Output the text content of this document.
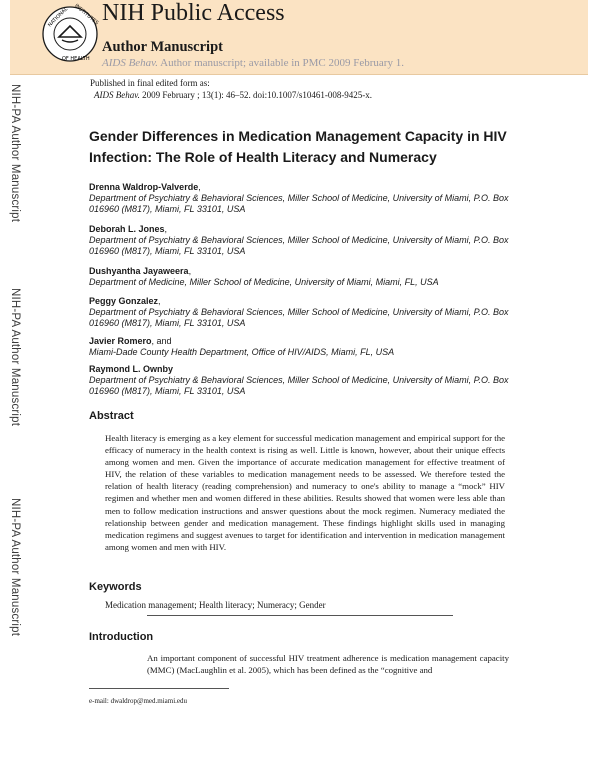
NATIONAL INSTITUTES
OF HEALTH
NIH Public Access
Author Manuscript
AIDS Behav. Author manuscript; available in PMC 2009 February 1.
Published in final edited form as:
AIDS Behav. 2009 February ; 13(1): 46–52. doi:10.1007/s10461-008-9425-x.
NIH-PA Author Manuscript
NIH-PA Author Manuscript
NIH-PA Author Manuscript
Gender Differences in Medication Management Capacity in HIV Infection: The Role of Health Literacy and Numeracy
Drenna Waldrop-Valverde,
Department of Psychiatry & Behavioral Sciences, Miller School of Medicine, University of Miami, P.O. Box 016960 (M817), Miami, FL 33101, USA
Deborah L. Jones,
Department of Psychiatry & Behavioral Sciences, Miller School of Medicine, University of Miami, P.O. Box 016960 (M817), Miami, FL 33101, USA
Dushyantha Jayaweera,
Department of Medicine, Miller School of Medicine, University of Miami, Miami, FL, USA
Peggy Gonzalez,
Department of Psychiatry & Behavioral Sciences, Miller School of Medicine, University of Miami, P.O. Box 016960 (M817), Miami, FL 33101, USA
Javier Romero, and
Miami-Dade County Health Department, Office of HIV/AIDS, Miami, FL, USA
Raymond L. Ownby
Department of Psychiatry & Behavioral Sciences, Miller School of Medicine, University of Miami, P.O. Box 016960 (M817), Miami, FL 33101, USA
Abstract
Health literacy is emerging as a key element for successful medication management and empirical support for the efficacy of numeracy in the health context is rising as well. Little is known, however, about their unique effects among women and men. Given the importance of accurate medication management for effective treatment of HIV, the relation of these variables to medication management needs to be assessed. We therefore tested the relation of health literacy (reading comprehension) and numeracy to one's ability to manage a “mock” HIV regimen and whether men and women differed in these abilities. Results showed that women were less able than men to follow medication instructions and answer questions about the mock regimen. Numeracy mediated the relationship between gender and medication management. These findings highlight skills used in managing medication regimens and suggest avenues to target for identification and intervention in medication management among women and men with HIV.
Keywords
Medication management; Health literacy; Numeracy; Gender
Introduction
An important component of successful HIV treatment adherence is medication management capacity (MMC) (MacLaughlin et al. 2005), which has been defined as the “cognitive and
e-mail: dwaldrop@med.miami.edu
